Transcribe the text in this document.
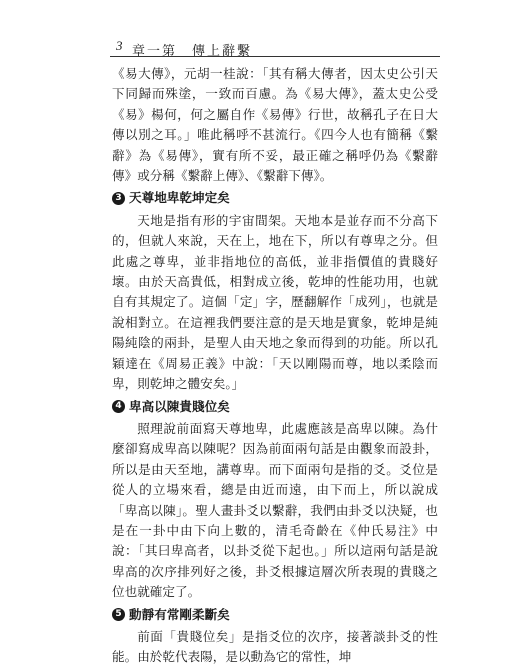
3 章一第　傳上辭繫

《易大傳》，元胡一桂說：「其有稱大傳者，因太史公引天下同歸而殊塗，一致而百慮。為《易大傳》，蓋太史公受《易》楊何，何之屬自作《易傳》行世，故稱孔子在日大傳以別之耳。」唯此稱呼不甚流行。《四今人也有簡稱《繫辭》為《易傳》，實有所不妥，最正確之稱呼仍為《繫辭傳》或分稱《繫辭上傳》、《繫辭下傳》。

3 天尊地卑乾坤定矣

天地是指有形的宇宙間架。天地本是並存而不分高下的，但就人來說，天在上，地在下，所以有尊卑之分。但此處之尊卑，並非指地位的高低，並非指價值的貴賤好壞。由於天高貴低，相對成立後，乾坤的性能功用，也就自有其規定了。這個「定」字，歷翻解作「成列」，也就是說相對立。在這裡我們要注意的是天地是實象，乾坤是純陽純陰的兩卦，是聖人由天地之象而得到的功能。所以孔穎達在《周易正義》中說：「天以剛陽而尊，地以柔陰而卑，則乾坤之體安矣。」

4 卑高以陳貴賤位矣

照理說前面寫天尊地卑，此處應該是高卑以陳。為什麼卻寫成卑高以陳呢？因為前面兩句話是由觀象而設卦，所以是由天至地，講尊卑。而下面兩句是指的爻。爻位是從人的立場來看，總是由近而遠，由下而上，所以說成「卑高以陳」。聖人畫卦爻以繫辭，我們由卦爻以決疑，也是在一卦中由下向上數的，清毛奇齡在《仲氏易注》中說：「其曰卑高者，以卦爻從下起也。」所以這兩句話是說卑高的次序排列好之後，卦爻根據這層次所表現的貴賤之位也就確定了。

5 動靜有常剛柔斷矣

前面「貴賤位矣」是指爻位的次序，接著談卦爻的性能。由於乾代表陽，是以動為它的常性，坤
